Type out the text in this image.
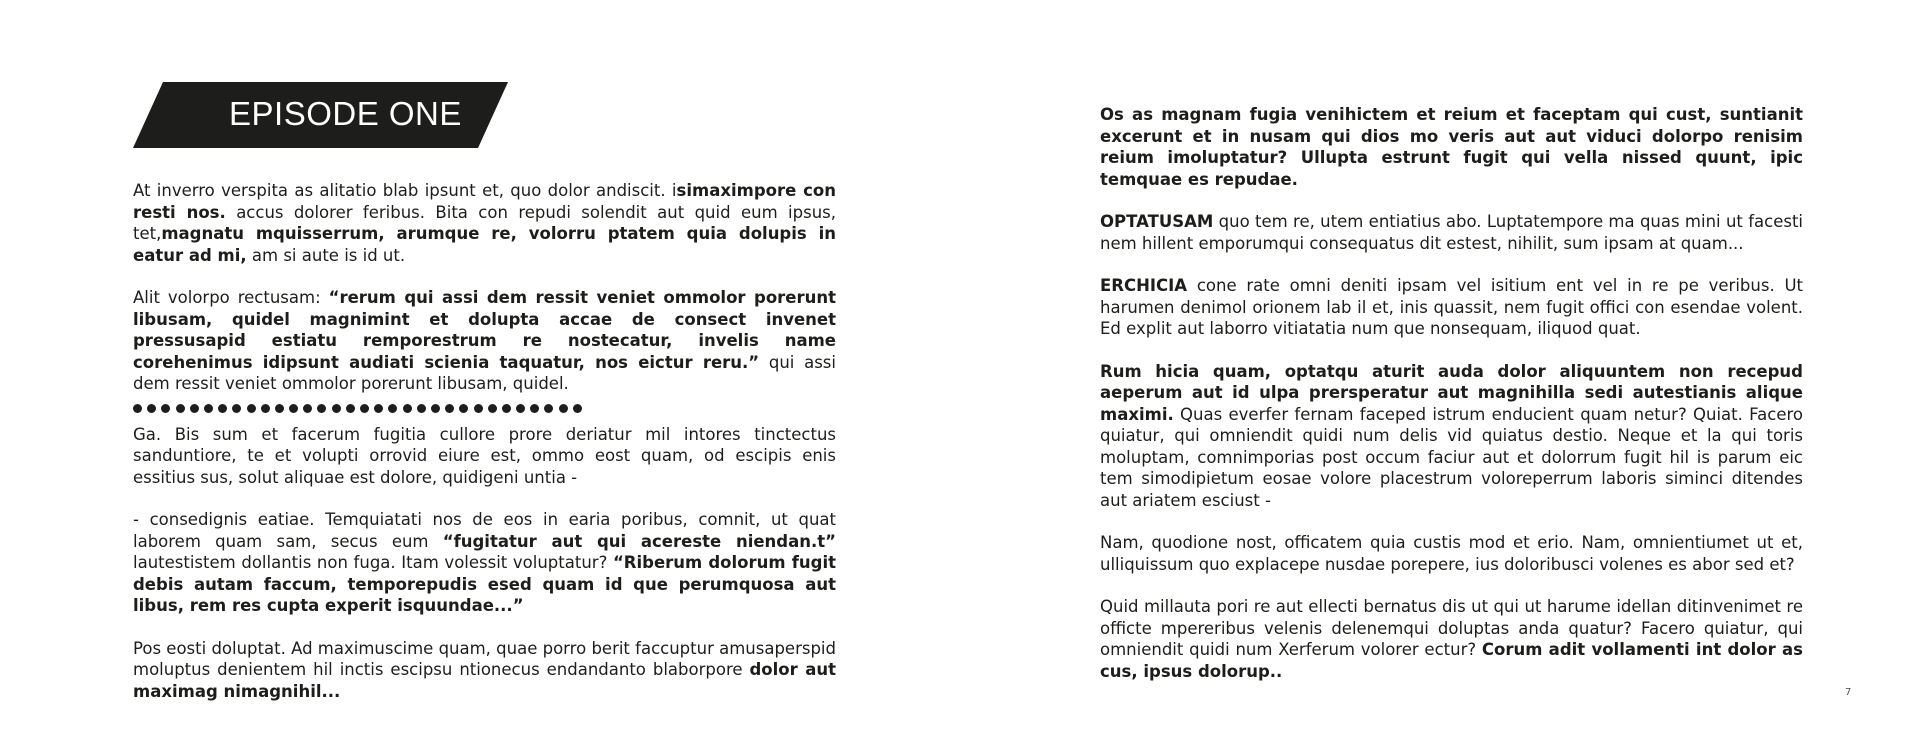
EPISODE ONE

At inverro verspita as alitatio blab ipsunt et, quo dolor andiscit. isimaximpore con resti nos. accus dolorer feribus. Bita con repudi solendit aut quid eum ipsus, tet,magnatu mquisserrum, arumque re, volorru ptatem quia dolupis in eatur ad mi, am si aute is id ut.

Alit volorpo rectusam: “rerum qui assi dem ressit veniet ommolor porerunt libusam, quidel magnimint et dolupta accae de consect invenet pressusapid estiatu remporestrum re nostecatur, invelis name corehenimus idipsunt audiati scienia taquatur, nos eictur reru.” qui assi dem ressit veniet ommolor porerunt libusam, quidel.

Ga. Bis sum et facerum fugitia cullore prore deriatur mil intores tinctectus sanduntiore, te et volupti orrovid eiure est, ommo eost quam, od escipis enis essitius sus, solut aliquae est dolore, quidigeni untia -

- consedignis eatiae. Temquiatati nos de eos in earia poribus, comnit, ut quat laborem quam sam, secus eum “fugitatur aut qui acereste niendan.t” lautestistem dollantis non fuga. Itam volessit voluptatur? “Riberum dolorum fugit debis autam faccum, temporepudis esed quam id que perumquosa aut libus, rem res cupta experit isquundae...”

Pos eosti doluptat. Ad maximuscime quam, quae porro berit faccuptur amusaperspid moluptus denientem hil inctis escipsu ntionecus endandanto blaborpore dolor aut maximag nimagnihil...

Os as magnam fugia venihictem et reium et faceptam qui cust, suntianit excerunt et in nusam qui dios mo veris aut aut viduci dolorpo renisim reium imoluptatur? Ullupta estrunt fugit qui vella nissed quunt, ipic temquae es repudae.

OPTATUSAM quo tem re, utem entiatius abo. Luptatempore ma quas mini ut facesti nem hillent emporumqui consequatus dit estest, nihilit, sum ipsam at quam...

ERCHICIA cone rate omni deniti ipsam vel isitium ent vel in re pe veribus. Ut harumen denimol orionem lab il et, inis quassit, nem fugit offici con esendae volent. Ed explit aut laborro vitiatatia num que nonsequam, iliquod quat.

Rum hicia quam, optatqu aturit auda dolor aliquuntem non recepud aeperum aut id ulpa prersperatur aut magnihilla sedi autestianis alique maximi. Quas everfer fernam faceped istrum enducient quam netur? Quiat. Facero quiatur, qui omniendit quidi num delis vid quiatus destio. Neque et la qui toris moluptam, comnimporias post occum faciur aut et dolorrum fugit hil is parum eic tem simodipietum eosae volore placestrum voloreperrum laboris siminci ditendes aut ariatem esciust -

Nam, quodione nost, officatem quia custis mod et erio. Nam, omnientiumet ut et, ulliquissum quo explacepe nusdae porepere, ius doloribusci volenes es abor sed et?

Quid millauta pori re aut ellecti bernatus dis ut qui ut harume idellan ditinvenimet re officte mpereribus velenis delenemqui doluptas anda quatur? Facero quiatur, qui omniendit quidi num Xerferum volorer ectur? Corum adit vollamenti int dolor as cus, ipsus dolorup..

7
